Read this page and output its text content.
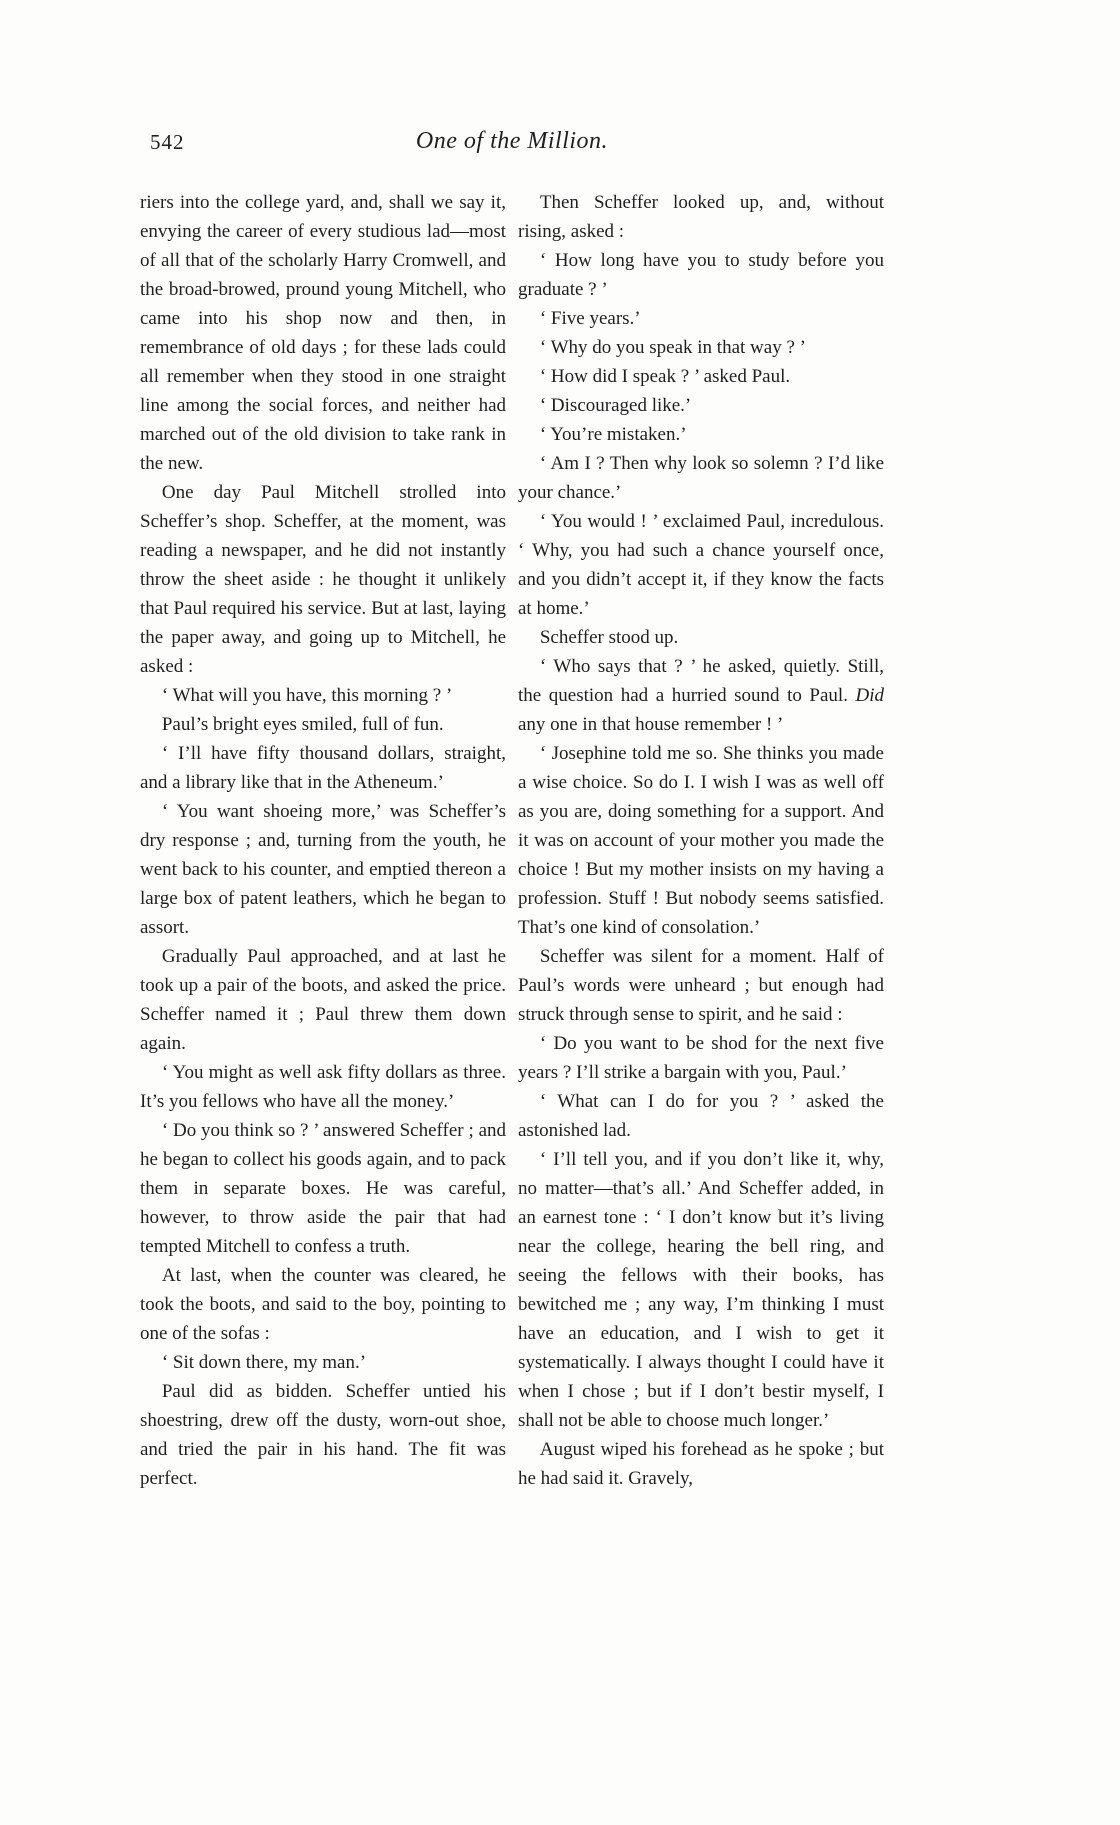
542	One of the Million.

riers into the college yard, and, shall we say it, envying the career of every studious lad—most of all that of the scholarly Harry Cromwell, and the broad-browed, pround young Mitchell, who came into his shop now and then, in remembrance of old days ; for these lads could all remember when they stood in one straight line among the social forces, and neither had marched out of the old division to take rank in the new.

One day Paul Mitchell strolled into Scheffer’s shop. Scheffer, at the moment, was reading a newspaper, and he did not instantly throw the sheet aside : he thought it unlikely that Paul required his service. But at last, laying the paper away, and going up to Mitchell, he asked :

‘ What will you have, this morning ? ’

Paul’s bright eyes smiled, full of fun.

‘ I’ll have fifty thousand dollars, straight, and a library like that in the Atheneum.’

‘ You want shoeing more,’ was Scheffer’s dry response ; and, turning from the youth, he went back to his counter, and emptied thereon a large box of patent leathers, which he began to assort.

Gradually Paul approached, and at last he took up a pair of the boots, and asked the price. Scheffer named it ; Paul threw them down again.

‘ You might as well ask fifty dollars as three. It’s you fellows who have all the money.’

‘ Do you think so ? ’ answered Scheffer ; and he began to collect his goods again, and to pack them in separate boxes. He was careful, however, to throw aside the pair that had tempted Mitchell to confess a truth.

At last, when the counter was cleared, he took the boots, and said to the boy, pointing to one of the sofas :

‘ Sit down there, my man.’

Paul did as bidden. Scheffer untied his shoestring, drew off the dusty, worn-out shoe, and tried the pair in his hand. The fit was perfect.

Then Scheffer looked up, and, without rising, asked :

‘ How long have you to study before you graduate ? ’

‘ Five years.’

‘ Why do you speak in that way ? ’

‘ How did I speak ? ’ asked Paul.

‘ Discouraged like.’

‘ You’re mistaken.’

‘ Am I ? Then why look so solemn ? I’d like your chance.’

‘ You would ! ’ exclaimed Paul, incredulous. ‘ Why, you had such a chance yourself once, and you didn’t accept it, if they know the facts at home.’

Scheffer stood up.

‘ Who says that ? ’ he asked, quietly. Still, the question had a hurried sound to Paul. Did any one in that house remember ! ’

‘ Josephine told me so. She thinks you made a wise choice. So do I. I wish I was as well off as you are, doing something for a support. And it was on account of your mother you made the choice ! But my mother insists on my having a profession. Stuff ! But nobody seems satisfied. That’s one kind of consolation.’

Scheffer was silent for a moment. Half of Paul’s words were unheard ; but enough had struck through sense to spirit, and he said :

‘ Do you want to be shod for the next five years ? I’ll strike a bargain with you, Paul.’

‘ What can I do for you ? ’ asked the astonished lad.

‘ I’ll tell you, and if you don’t like it, why, no matter—that’s all.’ And Scheffer added, in an earnest tone : ‘ I don’t know but it’s living near the college, hearing the bell ring, and seeing the fellows with their books, has bewitched me ; any way, I’m thinking I must have an education, and I wish to get it systematically. I always thought I could have it when I chose ; but if I don’t bestir myself, I shall not be able to choose much longer.’

August wiped his forehead as he spoke ; but he had said it. Gravely,
